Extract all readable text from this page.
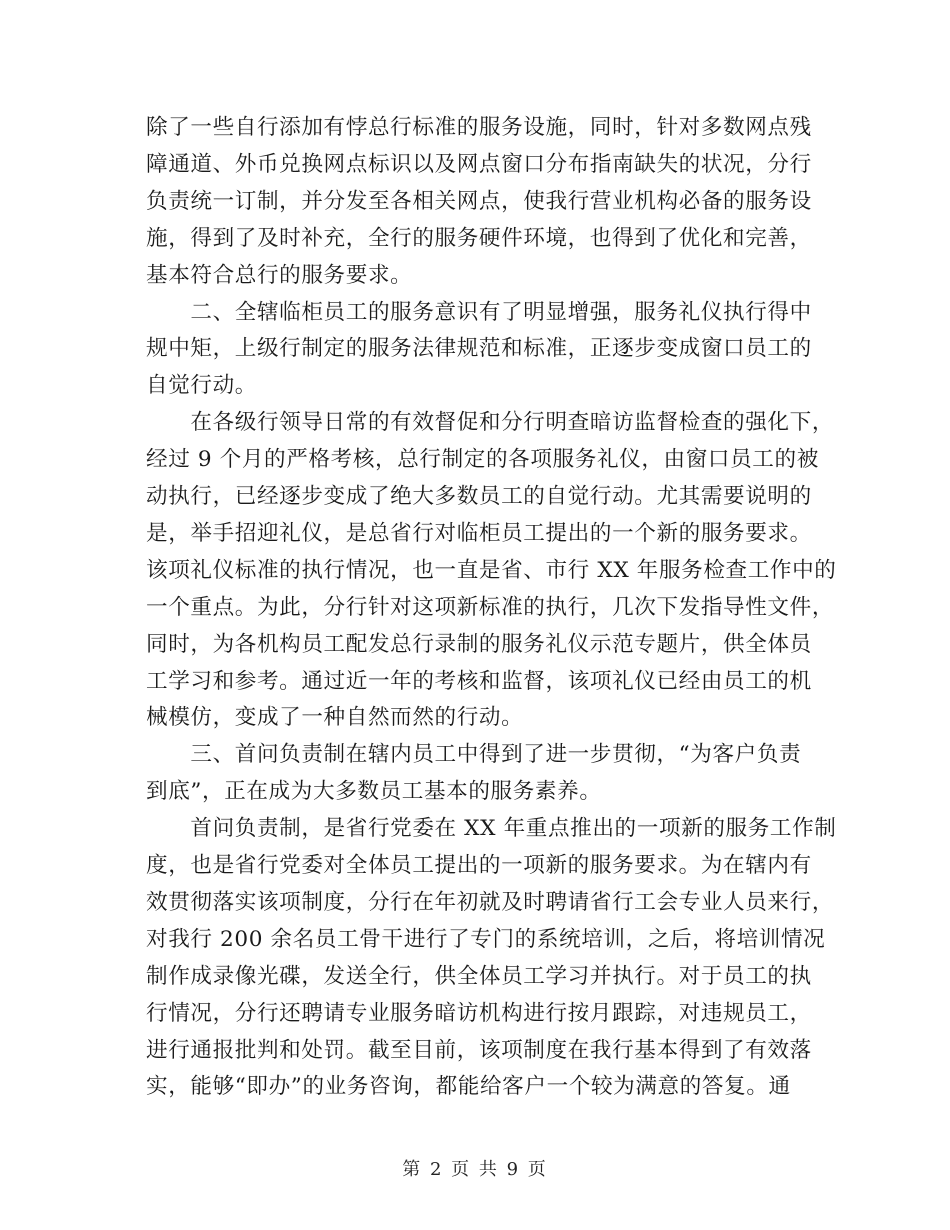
除了一些自行添加有悖总行标准的服务设施，同时，针对多数网点残
障通道、外币兑换网点标识以及网点窗口分布指南缺失的状况，分行
负责统一订制，并分发至各相关网点，使我行营业机构必备的服务设
施，得到了及时补充，全行的服务硬件环境，也得到了优化和完善，
基本符合总行的服务要求。
　　二、全辖临柜员工的服务意识有了明显增强，服务礼仪执行得中
规中矩，上级行制定的服务法律规范和标准，正逐步变成窗口员工的
自觉行动。
　　在各级行领导日常的有效督促和分行明查暗访监督检查的强化下，
经过 9 个月的严格考核，总行制定的各项服务礼仪，由窗口员工的被
动执行，已经逐步变成了绝大多数员工的自觉行动。尤其需要说明的
是，举手招迎礼仪，是总省行对临柜员工提出的一个新的服务要求。
该项礼仪标准的执行情况，也一直是省、市行 XX 年服务检查工作中的
一个重点。为此，分行针对这项新标准的执行，几次下发指导性文件，
同时，为各机构员工配发总行录制的服务礼仪示范专题片，供全体员
工学习和参考。通过近一年的考核和监督，该项礼仪已经由员工的机
械模仿，变成了一种自然而然的行动。
　　三、首问负责制在辖内员工中得到了进一步贯彻，“为客户负责
到底”，正在成为大多数员工基本的服务素养。
　　首问负责制，是省行党委在 XX 年重点推出的一项新的服务工作制
度，也是省行党委对全体员工提出的一项新的服务要求。为在辖内有
效贯彻落实该项制度，分行在年初就及时聘请省行工会专业人员来行，
对我行 200 余名员工骨干进行了专门的系统培训，之后，将培训情况
制作成录像光碟，发送全行，供全体员工学习并执行。对于员工的执
行情况，分行还聘请专业服务暗访机构进行按月跟踪，对违规员工，
进行通报批判和处罚。截至目前，该项制度在我行基本得到了有效落
实，能够“即办”的业务咨询，都能给客户一个较为满意的答复。通
第 2 页 共 9 页
